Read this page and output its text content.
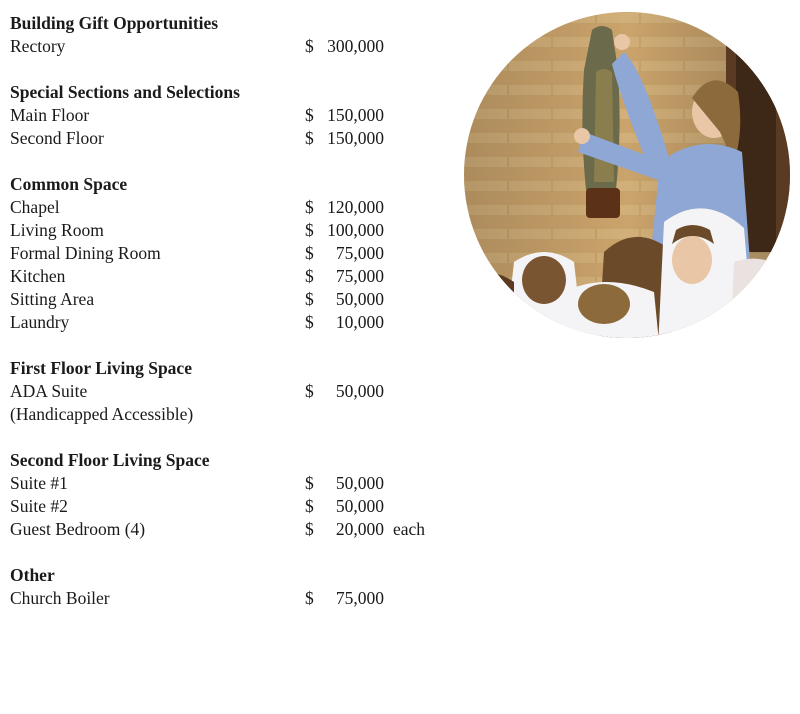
Building Gift Opportunities
Rectory	$ 300,000
Special Sections and Selections
Main Floor	$ 150,000
Second Floor	$ 150,000
Common Space
Chapel	$ 120,000
Living Room	$ 100,000
Formal Dining Room	$ 75,000
Kitchen	$ 75,000
Sitting Area	$ 50,000
Laundry	$ 10,000
First Floor Living Space
ADA Suite	$ 50,000
(Handicapped Accessible)
Second Floor Living Space
Suite #1	$ 50,000
Suite #2	$ 50,000
Guest Bedroom (4)	$ 20,000 each
Other
Church Boiler	$ 75,000
